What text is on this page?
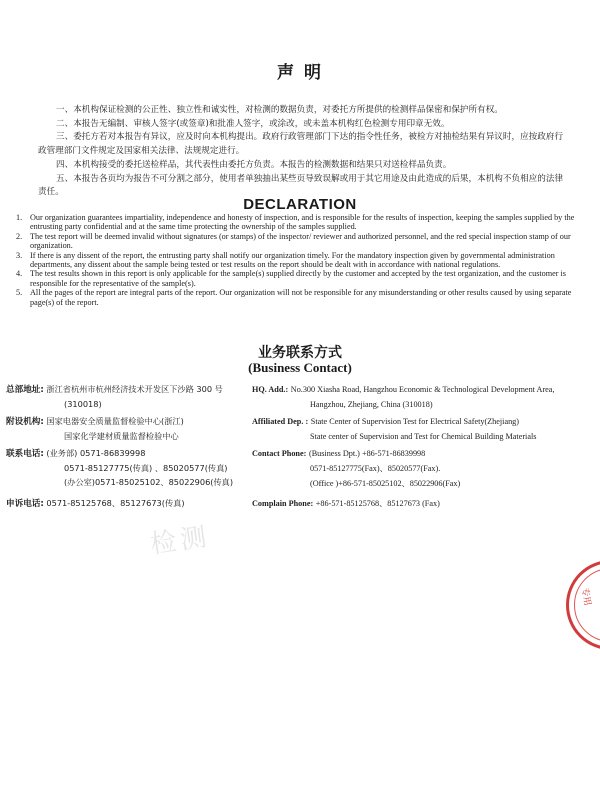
声 明

一、本机构保证检测的公正性、独立性和诚实性，对检测的数据负责，对委托方所提供的检测样品保密和保护所有权。

二、本报告无编制、审核人签字(或签章)和批准人签字，或涂改，或未盖本机构红色检测专用印章无效。

三、委托方若对本报告有异议，应及时向本机构提出。政府行政管理部门下达的指令性任务，被检方对抽检结果有异议时，应按政府行政管理部门文件规定及国家相关法律、法规规定进行。

四、本机构接受的委托送检样品，其代表性由委托方负责。本报告的检测数据和结果只对送检样品负责。

五、本报告各页均为报告不可分割之部分，使用者单独抽出某些页导致误解或用于其它用途及由此造成的后果，本机构不负相应的法律责任。

DECLARATION
1. Our organization guarantees impartiality, independence and honesty of inspection, and is responsible for the results of inspection, keeping the samples supplied by the entrusting party confidential and at the same time protecting the ownership of the samples supplied.
2. The test report will be deemed invalid without signatures (or stamps) of the inspector/ reviewer and authorized personnel, and the red special inspection stamp of our organization.
3. If there is any dissent of the report, the entrusting party shall notify our organization timely. For the mandatory inspection given by governmental administration departments, any dissent about the sample being tested or test results on the report should be dealt with in accordance with national regulations.
4. The test results shown in this report is only applicable for the sample(s) supplied directly by the customer and accepted by the test organization, and the customer is responsible for the representative of the sample(s).
5. All the pages of the report are integral parts of the report. Our organization will not be responsible for any misunderstanding or other results caused by using separate page(s) of the report.
业务联系方式
(Business Contact)
检测
总部地址: 浙江省杭州市杭州经济技术开发区下沙路 300 号
(310018)
附设机构: 国家电器安全质量监督检验中心(浙江)
国家化学建材质量监督检验中心
联系电话: (业务部) 0571-86839998
0571-85127775(传真) 、85020577(传真)
(办公室)0571-85025102、85022906(传真)
申诉电话: 0571-85125768、85127673(传真)
HQ. Add.: No.300 Xiasha Road, Hangzhou Economic & Technological Development Area,
Hangzhou, Zhejiang, China (310018)
Affiliated Dep. : State Center of Supervision Test for Electrical Safety(Zhejiang)
State center of Supervision and Test for Chemical Building Materials
Contact Phone: (Business Dpt.) +86-571-86839998
0571-85127775(Fax)、85020577(Fax).
(Office )+86-571-85025102、85022906(Fax)
Complain Phone: +86-571-85125768、85127673 (Fax)
专用
